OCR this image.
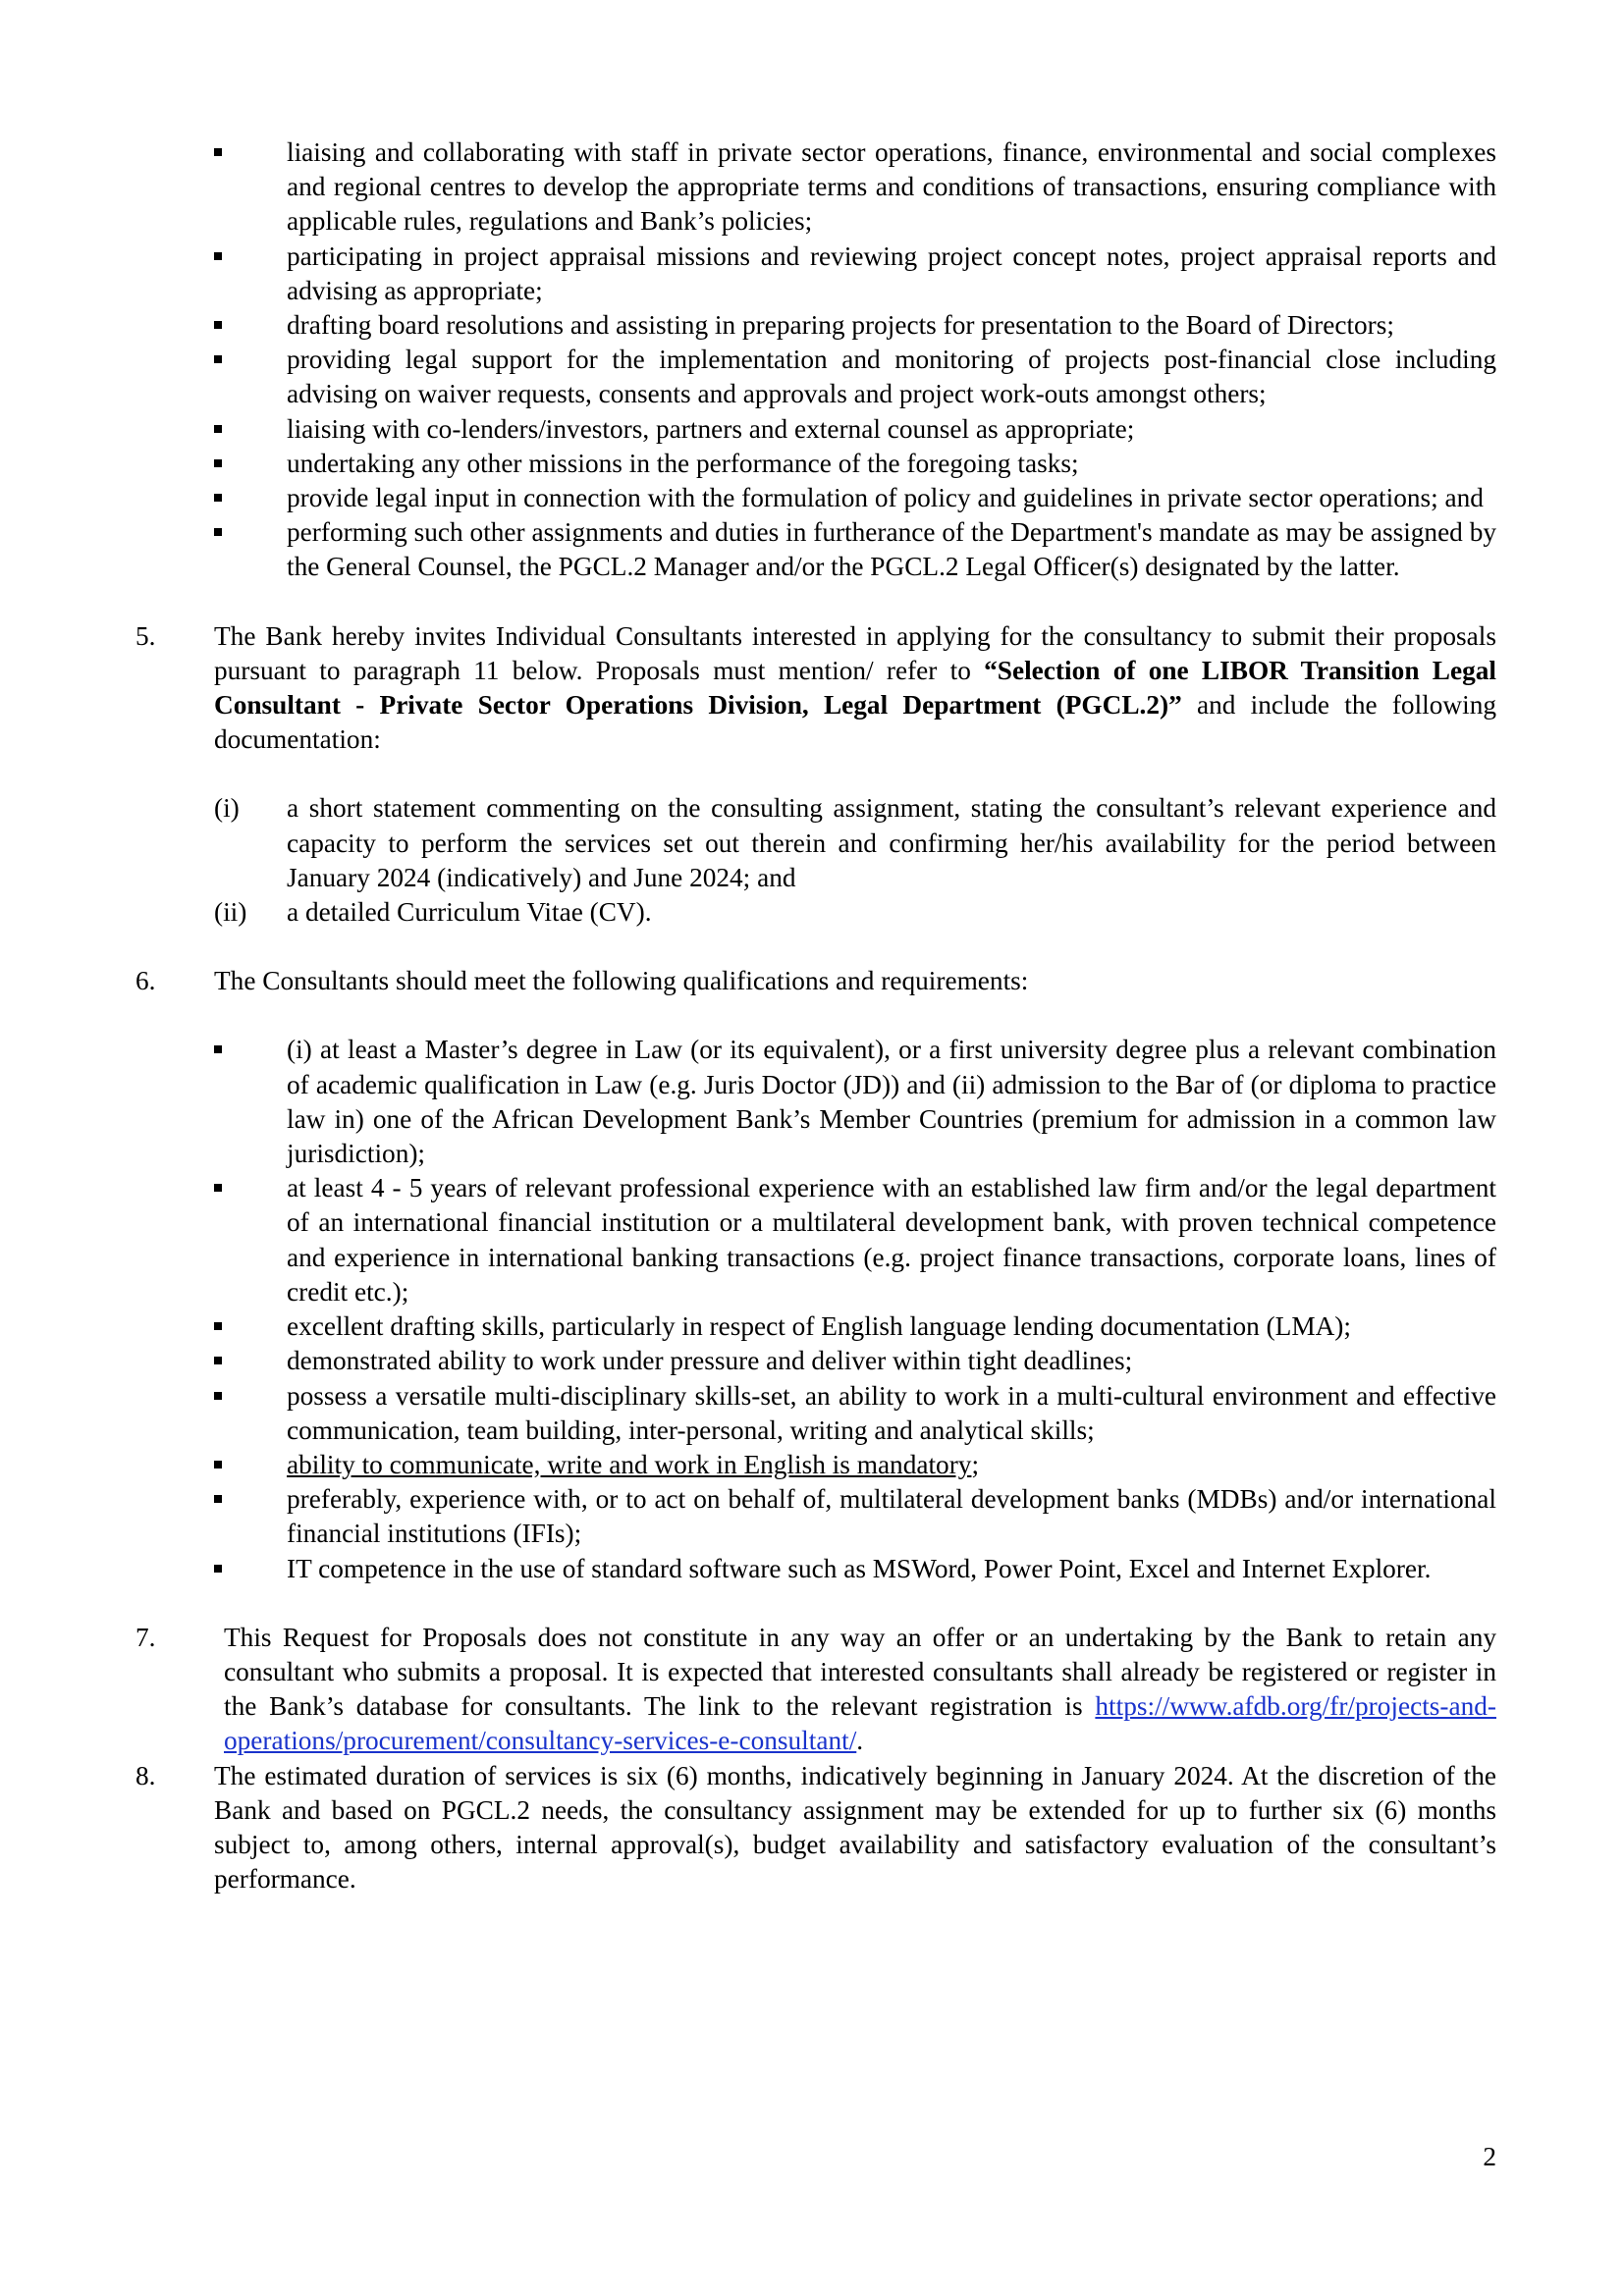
liaising and collaborating with staff in private sector operations, finance, environmental and social complexes and regional centres to develop the appropriate terms and conditions of transactions, ensuring compliance with applicable rules, regulations and Bank’s policies;
participating in project appraisal missions and reviewing project concept notes, project appraisal reports and advising as appropriate;
drafting board resolutions and assisting in preparing projects for presentation to the Board of Directors;
providing legal support for the implementation and monitoring of projects post-financial close including advising on waiver requests, consents and approvals and project work-outs amongst others;
liaising with co-lenders/investors, partners and external counsel as appropriate;
undertaking any other missions in the performance of the foregoing tasks;
provide legal input in connection with the formulation of policy and guidelines in private sector operations; and
performing such other assignments and duties in furtherance of the Department's mandate as may be assigned by the General Counsel, the PGCL.2 Manager and/or the PGCL.2 Legal Officer(s) designated by the latter.
5. The Bank hereby invites Individual Consultants interested in applying for the consultancy to submit their proposals pursuant to paragraph 11 below. Proposals must mention/ refer to “Selection of one LIBOR Transition Legal Consultant - Private Sector Operations Division, Legal Department (PGCL.2)” and include the following documentation:
(i) a short statement commenting on the consulting assignment, stating the consultant’s relevant experience and capacity to perform the services set out therein and confirming her/his availability for the period between January 2024 (indicatively) and June 2024; and
(ii) a detailed Curriculum Vitae (CV).
6. The Consultants should meet the following qualifications and requirements:
(i) at least a Master’s degree in Law (or its equivalent), or a first university degree plus a relevant combination of academic qualification in Law (e.g. Juris Doctor (JD)) and (ii) admission to the Bar of (or diploma to practice law in) one of the African Development Bank’s Member Countries (premium for admission in a common law jurisdiction);
at least 4 - 5 years of relevant professional experience with an established law firm and/or the legal department of an international financial institution or a multilateral development bank, with proven technical competence and experience in international banking transactions (e.g. project finance transactions, corporate loans, lines of credit etc.);
excellent drafting skills, particularly in respect of English language lending documentation (LMA);
demonstrated ability to work under pressure and deliver within tight deadlines;
possess a versatile multi-disciplinary skills-set, an ability to work in a multi-cultural environment and effective communication, team building, inter-personal, writing and analytical skills;
ability to communicate, write and work in English is mandatory;
preferably, experience with, or to act on behalf of, multilateral development banks (MDBs) and/or international financial institutions (IFIs);
IT competence in the use of standard software such as MSWord, Power Point, Excel and Internet Explorer.
7.	This Request for Proposals does not constitute in any way an offer or an undertaking by the Bank to retain any consultant who submits a proposal. It is expected that interested consultants shall already be registered or register in the Bank’s database for consultants. The link to the relevant registration is https://www.afdb.org/fr/projects-and-operations/procurement/consultancy-services-e-consultant/.
8. The estimated duration of services is six (6) months, indicatively beginning in January 2024. At the discretion of the Bank and based on PGCL.2 needs, the consultancy assignment may be extended for up to further six (6) months subject to, among others, internal approval(s), budget availability and satisfactory evaluation of the consultant’s performance.
2
